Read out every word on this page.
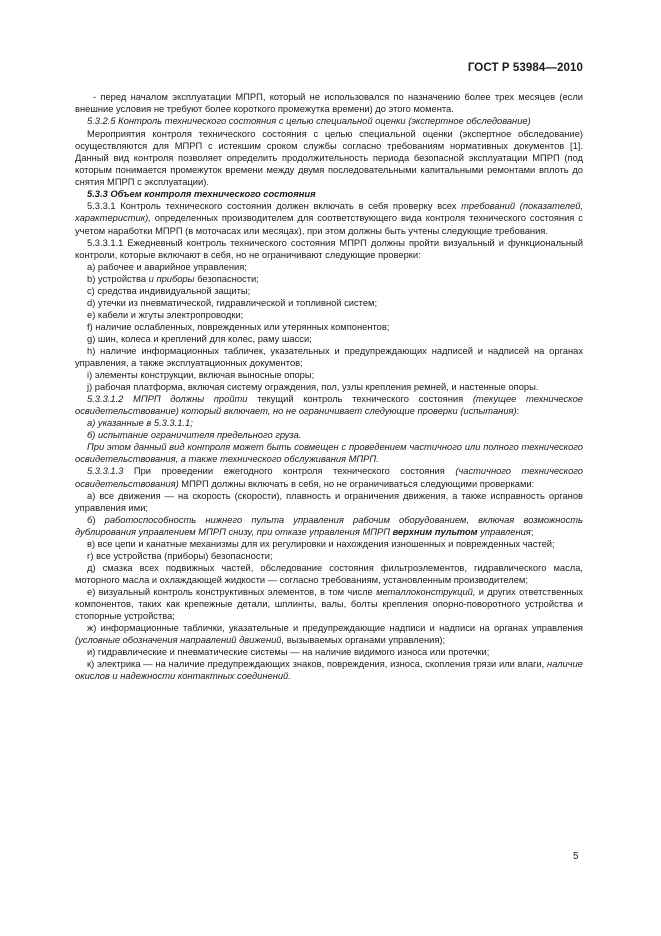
ГОСТ Р 53984—2010

- перед началом эксплуатации МПРП, который не использовался по назначению более трех месяцев (если внешние условия не требуют более короткого промежутка времени) до этого момента.

5.3.2.5 Контроль технического состояния с целью специальной оценки (экспертное обследование)

Мероприятия контроля технического состояния с целью специальной оценки (экспертное обследование) осуществляются для МПРП с истекшим сроком службы согласно требованиям нормативных документов [1]. Данный вид контроля позволяет определить продолжительность периода безопасной эксплуатации МПРП (под которым понимается промежуток времени между двумя последовательными капитальными ремонтами вплоть до снятия МПРП с эксплуатации).

5.3.3 Объем контроля технического состояния

5.3.3.1 Контроль технического состояния должен включать в себя проверку всех требований (показателей, характеристик), определенных производителем для соответствующего вида контроля технического состояния с учетом наработки МПРП (в моточасах или месяцах), при этом должны быть учтены следующие требования.

5.3.3.1.1 Ежедневный контроль технического состояния МПРП должны пройти визуальный и функциональный контроли, которые включают в себя, но не ограничивают следующие проверки:

а) рабочее и аварийное управления;

b) устройства и приборы безопасности;

с) средства индивидуальной защиты;

d) утечки из пневматической, гидравлической и топливной систем;

е) кабели и жгуты электропроводки;

f) наличие ослабленных, поврежденных или утерянных компонентов;

g) шин, колеса и креплений для колес, раму шасси;

h) наличие информационных табличек, указательных и предупреждающих надписей и надписей на органах управления, а также эксплуатационных документов;

i) элементы конструкции, включая выносные опоры;

j) рабочая платформа, включая систему ограждения, пол, узлы крепления ремней, и настенные опоры.

5.3.3.1.2 МПРП должны пройти текущий контроль технического состояния (текущее техническое освидетельствование) который включает, но не ограничивает следующие проверки (испытания):

а) указанные в 5.3.3.1.1;

б) испытание ограничителя предельного груза.

При этом данный вид контроля может быть совмещен с проведением частичного или полного технического освидетельствования, а также технического обслуживания МПРП.

5.3.3.1.3 При проведении ежегодного контроля технического состояния (частичного технического освидетельствования) МПРП должны включать в себя, но не ограничиваться следующими проверками:

а) все движения — на скорость (скорости), плавность и ограничения движения, а также исправность органов управления ими;

б) работоспособность нижнего пульта управления рабочим оборудованием, включая возможность дублирования управлением МПРП снизу, при отказе управления МПРП верхним пультом управления;

в) все цепи и канатные механизмы для их регулировки и нахождения изношенных и поврежденных частей;

г) все устройства (приборы) безопасности;

д) смазка всех подвижных частей, обследование состояния фильтроэлементов, гидравлического масла, моторного масла и охлаждающей жидкости — согласно требованиям, установленным производителем;

е) визуальный контроль конструктивных элементов, в том числе металлоконструкций, и других ответственных компонентов, таких как крепежные детали, шплинты, валы, болты крепления опорно-поворотного устройства и стопорные устройства;

ж) информационные таблички, указательные и предупреждающие надписи и надписи на органах управления (условные обозначения направлений движений, вызываемых органами управления);

и) гидравлические и пневматические системы — на наличие видимого износа или протечки;

к) электрика — на наличие предупреждающих знаков, повреждения, износа, скопления грязи или влаги, наличие окислов и надежности контактных соединений.

5
